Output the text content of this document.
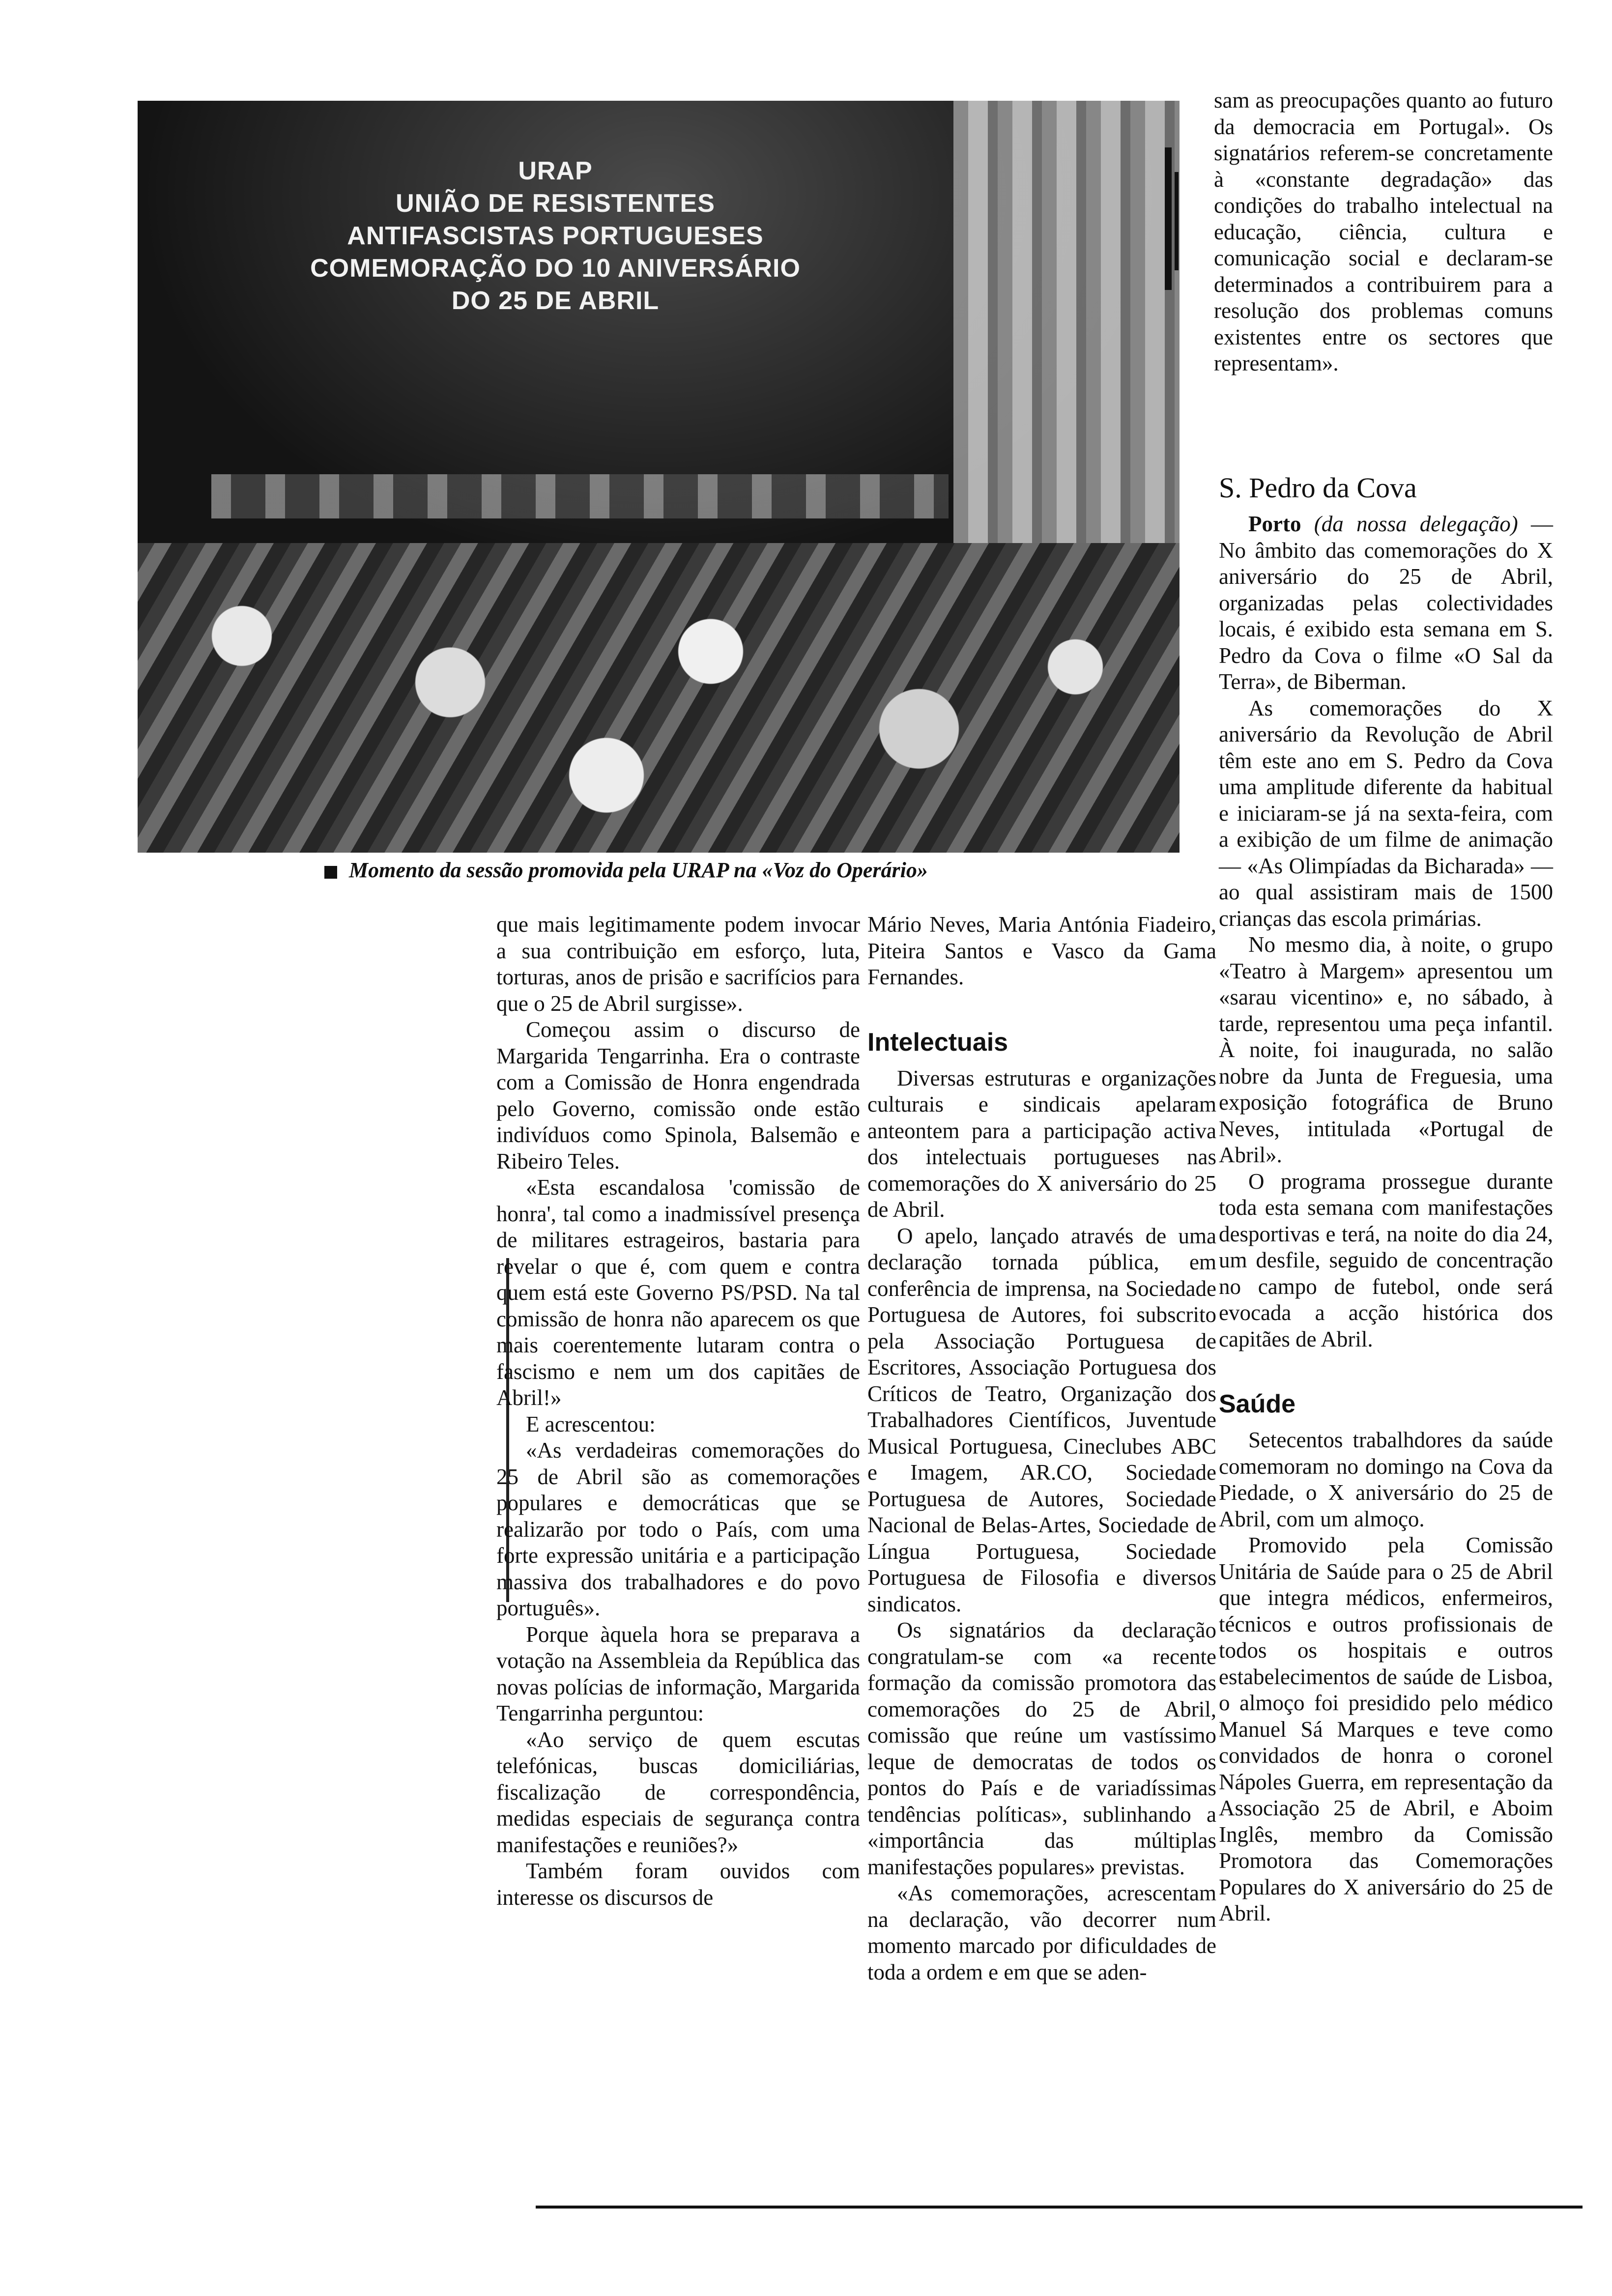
URAP
UNIÃO DE RESISTENTES
ANTIFASCISTAS PORTUGUESES
COMEMORAÇÃO DO 10 ANIVERSÁRIO
DO 25 DE ABRIL
Momento da sessão promovida pela URAP na «Voz do Operário»

que mais legitimamente podem invocar a sua contribuição em esforço, luta, torturas, anos de prisão e sacrifícios para que o 25 de Abril surgisse».

Começou assim o discurso de Margarida Tengarrinha. Era o contraste com a Comissão de Honra engendrada pelo Governo, comissão onde estão indivíduos como Spinola, Balsemão e Ribeiro Teles.

«Esta escandalosa 'comissão de honra', tal como a inadmissível presença de militares estrageiros, bastaria para revelar o que é, com quem e contra quem está este Governo PS/PSD. Na tal comissão de honra não aparecem os que mais coerentemente lutaram contra o fascismo e nem um dos capitães de Abril!»

E acrescentou:

«As verdadeiras comemorações do 25 de Abril são as comemorações populares e democráticas que se realizarão por todo o País, com uma forte expressão unitária e a participação massiva dos trabalhadores e do povo português».

Porque àquela hora se preparava a votação na Assembleia da República das novas polícias de informação, Margarida Tengarrinha perguntou:

«Ao serviço de quem escutas telefónicas, buscas domiciliárias, fiscalização de correspondência, medidas especiais de segurança contra manifestações e reuniões?»

Também foram ouvidos com interesse os discursos de

Mário Neves, Maria Antónia Fiadeiro, Piteira Santos e Vasco da Gama Fernandes.

Intelectuais

Diversas estruturas e organizações culturais e sindicais apelaram anteontem para a participação activa dos intelectuais portugueses nas comemorações do X aniversário do 25 de Abril.

O apelo, lançado através de uma declaração tornada pública, em conferência de imprensa, na Sociedade Portuguesa de Autores, foi subscrito pela Associação Portuguesa de Escritores, Associação Portuguesa dos Críticos de Teatro, Organização dos Trabalhadores Científicos, Juventude Musical Portuguesa, Cineclubes ABC e Imagem, AR.CO, Sociedade Portuguesa de Autores, Sociedade Nacional de Belas-Artes, Sociedade de Língua Portuguesa, Sociedade Portuguesa de Filosofia e diversos sindicatos.

Os signatários da declaração congratulam-se com «a recente formação da comissão promotora das comemorações do 25 de Abril, comissão que reúne um vastíssimo leque de democratas de todos os pontos do País e de variadíssimas tendências políticas», sublinhando a «importância das múltiplas manifestações populares» previstas.

«As comemorações, acrescentam na declaração, vão decorrer num momento marcado por dificuldades de toda a ordem e em que se aden-

sam as preocupações quanto ao futuro da democracia em Portugal». Os signatários referem-se concretamente à «constante degradação» das condições do trabalho intelectual na educação, ciência, cultura e comunicação social e declaram-se determinados a contribuirem para a resolução dos problemas comuns existentes entre os sectores que representam».

S. Pedro da Cova

Porto (da nossa delegação) — No âmbito das comemorações do X aniversário do 25 de Abril, organizadas pelas colectividades locais, é exibido esta semana em S. Pedro da Cova o filme «O Sal da Terra», de Biberman.

As comemorações do X aniversário da Revolução de Abril têm este ano em S. Pedro da Cova uma amplitude diferente da habitual e iniciaram-se já na sexta-feira, com a exibição de um filme de animação — «As Olimpíadas da Bicharada» — ao qual assistiram mais de 1500 crianças das escola primárias.

No mesmo dia, à noite, o grupo «Teatro à Margem» apresentou um «sarau vicentino» e, no sábado, à tarde, representou uma peça infantil. À noite, foi inaugurada, no salão nobre da Junta de Freguesia, uma exposição fotográfica de Bruno Neves, intitulada «Portugal de Abril».

O programa prossegue durante toda esta semana com manifestações desportivas e terá, na noite do dia 24, um desfile, seguido de concentração no campo de futebol, onde será evocada a acção histórica dos capitães de Abril.

Saúde

Setecentos trabalhdores da saúde comemoram no domingo na Cova da Piedade, o X aniversário do 25 de Abril, com um almoço.

Promovido pela Comissão Unitária de Saúde para o 25 de Abril que integra médicos, enfermeiros, técnicos e outros profissionais de todos os hospitais e outros estabelecimentos de saúde de Lisboa, o almoço foi presidido pelo médico Manuel Sá Marques e teve como convidados de honra o coronel Nápoles Guerra, em representação da Associação 25 de Abril, e Aboim Inglês, membro da Comissão Promotora das Comemorações Populares do X aniversário do 25 de Abril.
